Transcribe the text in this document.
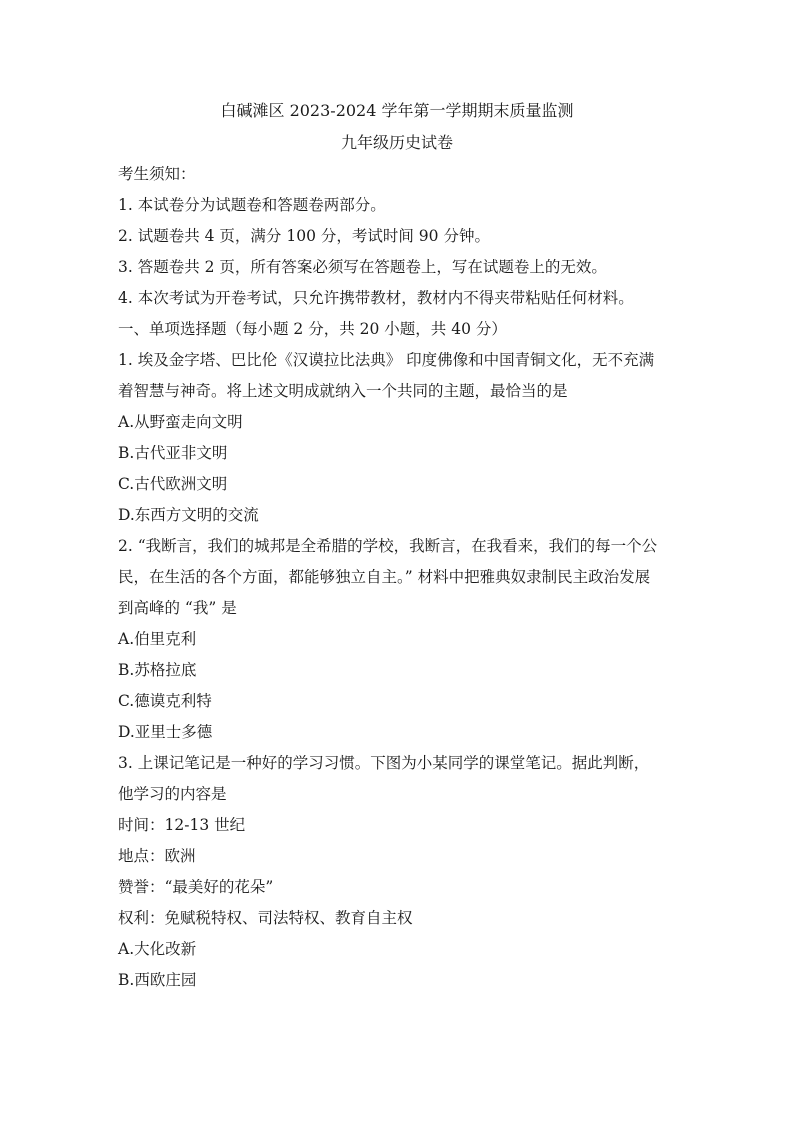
白碱滩区 2023-2024 学年第一学期期末质量监测
九年级历史试卷
考生须知：
1. 本试卷分为试题卷和答题卷两部分。
2. 试题卷共 4 页，满分 100 分，考试时间 90 分钟。
3. 答题卷共 2 页，所有答案必须写在答题卷上，写在试题卷上的无效。
4. 本次考试为开卷考试，只允许携带教材，教材内不得夹带粘贴任何材料。
一、单项选择题（每小题 2 分，共 20 小题，共 40 分）
1. 埃及金字塔、巴比伦《汉谟拉比法典》 印度佛像和中国青铜文化，无不充满
着智慧与神奇。将上述文明成就纳入一个共同的主题，最恰当的是
A.从野蛮走向文明
B.古代亚非文明
C.古代欧洲文明
D.东西方文明的交流
2. “我断言，我们的城邦是全希腊的学校，我断言，在我看来，我们的每一个公
民，在生活的各个方面，都能够独立自主。” 材料中把雅典奴隶制民主政治发展
到高峰的 “我” 是
A.伯里克利
B.苏格拉底
C.德谟克利特
D.亚里士多德
3. 上课记笔记是一种好的学习习惯。下图为小某同学的课堂笔记。据此判断，
他学习的内容是
时间：12-13 世纪
地点：欧洲
赞誉：“最美好的花朵”
权利：免赋税特权、司法特权、教育自主权
A.大化改新
B.西欧庄园
